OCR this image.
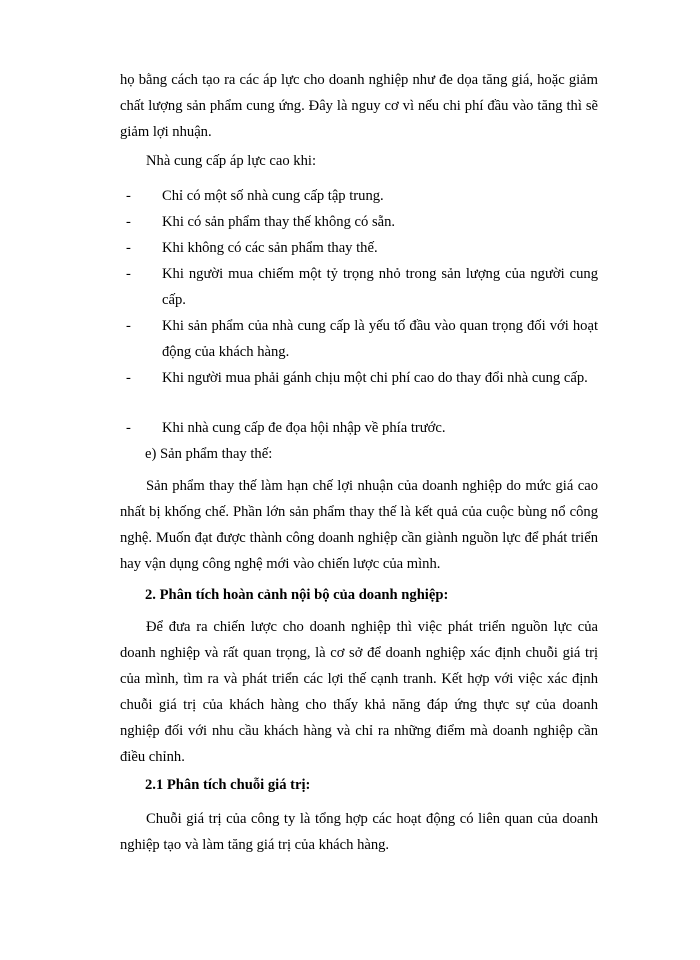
họ bằng cách tạo ra các áp lực cho doanh nghiệp như đe dọa tăng giá, hoặc giảm chất lượng sản phẩm cung ứng. Đây là nguy cơ vì nếu chi phí đầu vào tăng thì sẽ giảm lợi nhuận.

Nhà cung cấp áp lực cao khi:

-	Chỉ có một số nhà cung cấp tập trung.

-	Khi có sản phẩm thay thế không có sẵn.

-	Khi không có các sản phẩm thay thế.

-	Khi người mua chiếm một tỷ trọng nhỏ trong sản lượng của người cung cấp.

-	Khi sản phẩm của nhà cung cấp là yếu tố đầu vào quan trọng đối với hoạt động của khách hàng.

-	Khi người mua phải gánh chịu một chi phí cao do thay đổi nhà cung cấp.

-	Khi nhà cung cấp đe đọa hội nhập về phía trước.

e) Sản phẩm thay thế:

Sản phẩm thay thế làm hạn chế lợi nhuận của doanh nghiệp do mức giá cao nhất bị khống chế. Phần lớn sản phẩm thay thế là kết quả của cuộc bùng nổ công nghệ. Muốn đạt được thành công doanh nghiệp cần giành nguồn lực để phát triển hay vận dụng công nghệ mới vào chiến lược của mình.

2. Phân tích hoàn cảnh nội bộ của doanh nghiệp:

Để đưa ra chiến lược cho doanh nghiệp thì việc phát triển nguồn lực của doanh nghiệp và rất quan trọng, là cơ sở để doanh nghiệp xác định chuỗi giá trị của mình, tìm ra và phát triển các lợi thế cạnh tranh. Kết hợp với việc xác định chuỗi giá trị của khách hàng cho thấy khả năng đáp ứng thực sự của doanh nghiệp đối với nhu cầu khách hàng và chỉ ra những điểm mà doanh nghiệp cần điều chỉnh.

2.1 Phân tích chuỗi giá trị:

Chuỗi giá trị của công ty là tổng hợp các hoạt động có liên quan của doanh nghiệp tạo và làm tăng giá trị của khách hàng.
